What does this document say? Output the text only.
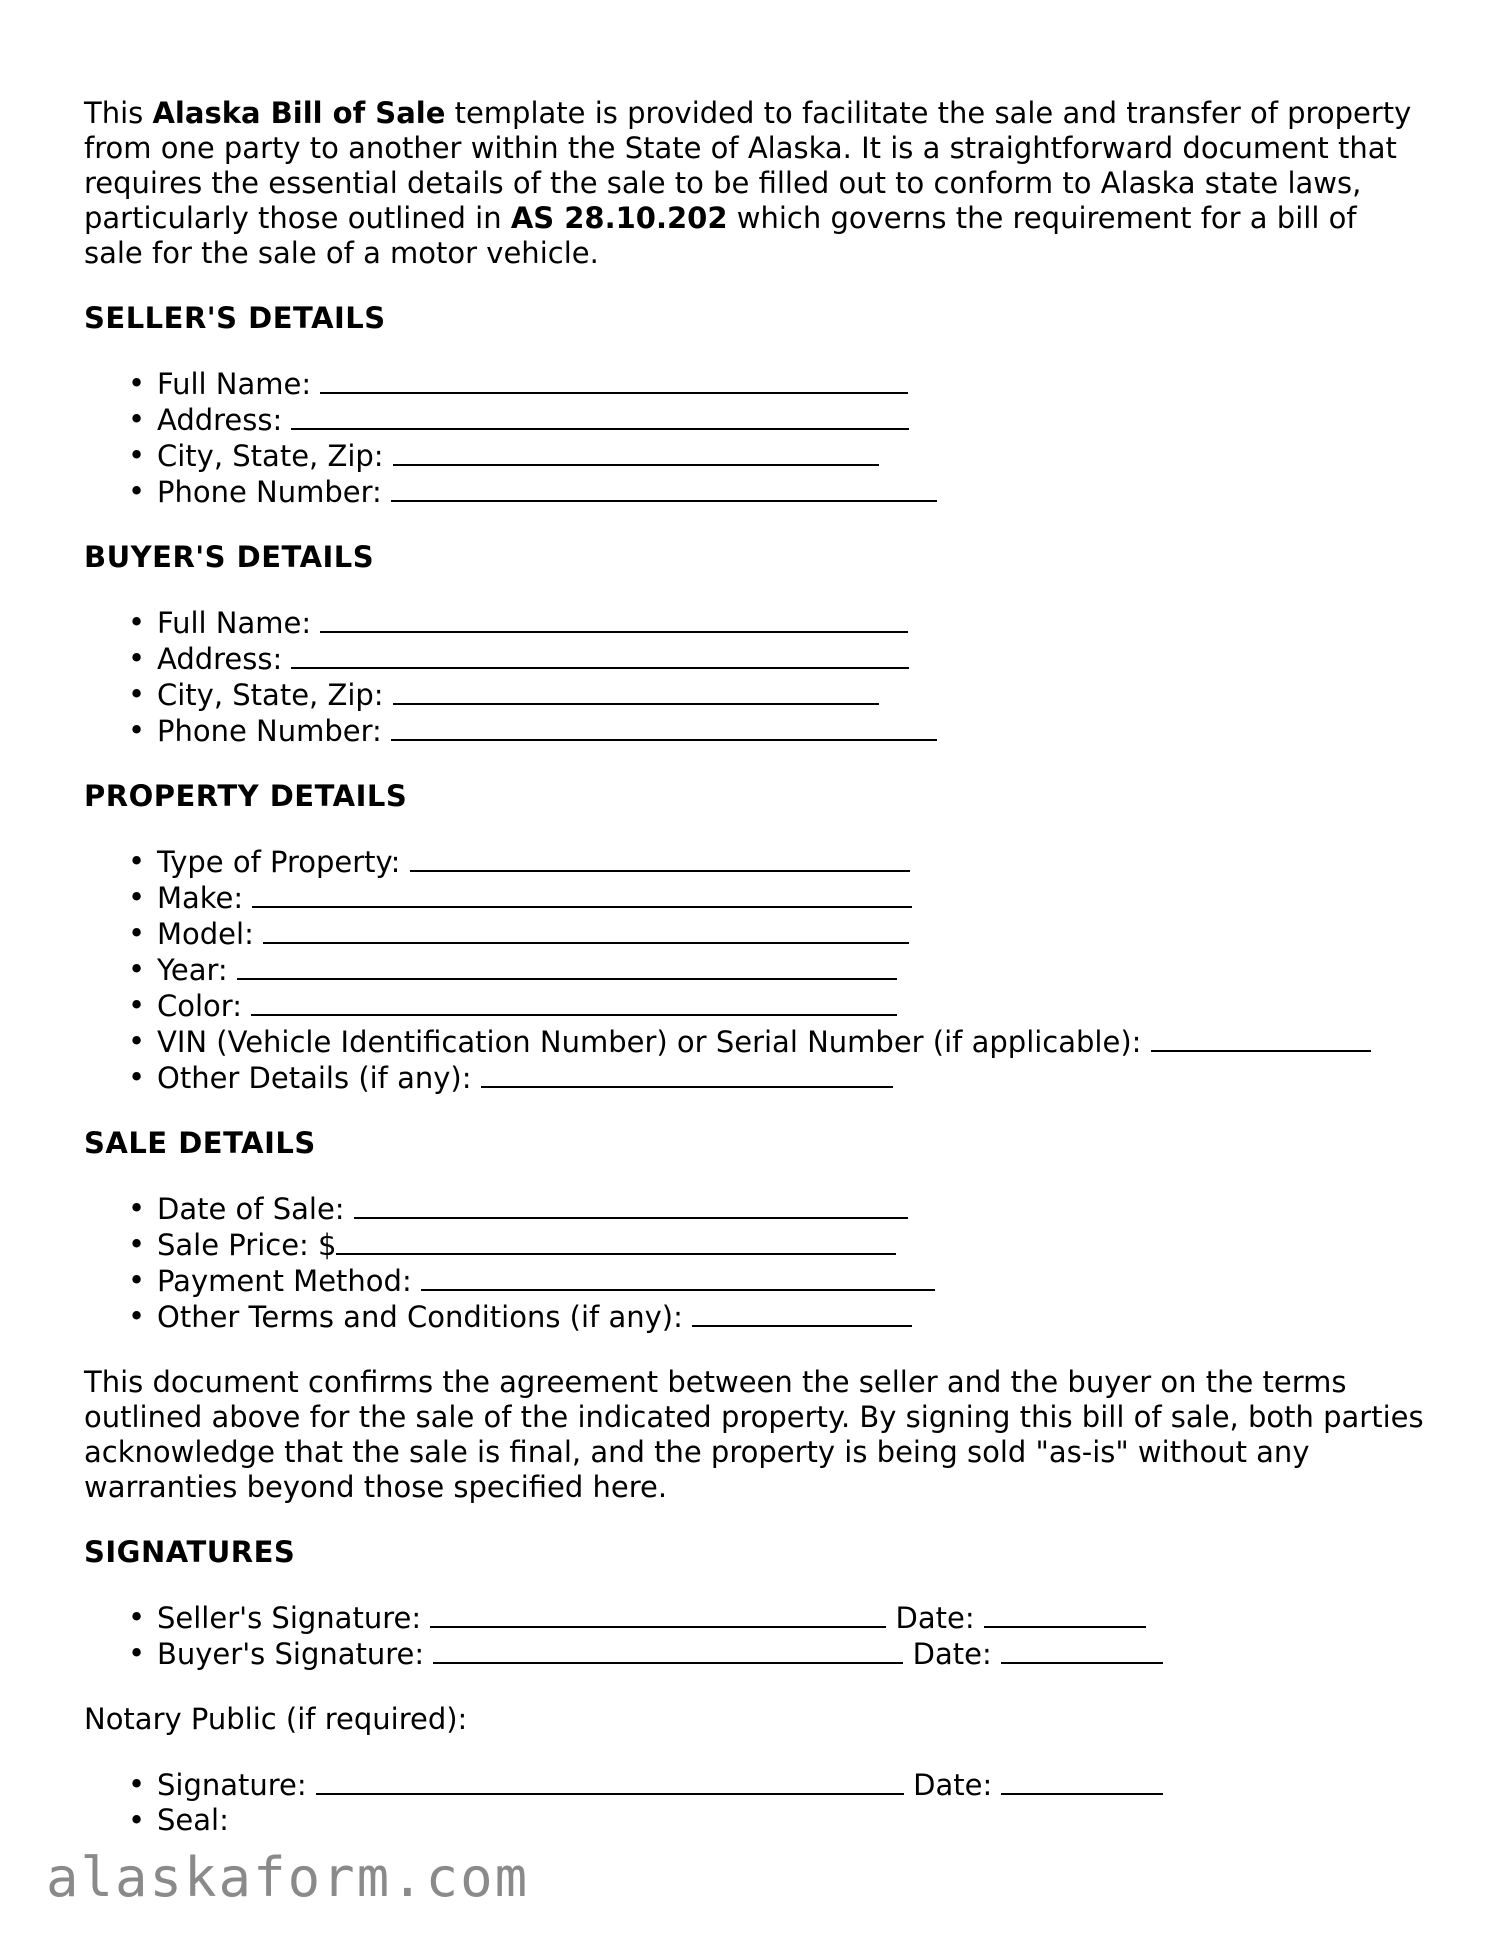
This Alaska Bill of Sale template is provided to facilitate the sale and transfer of property from one party to another within the State of Alaska. It is a straightforward document that requires the essential details of the sale to be filled out to conform to Alaska state laws, particularly those outlined in AS 28.10.202 which governs the requirement for a bill of sale for the sale of a motor vehicle.

SELLER'S DETAILS
• Full Name:
• Address:
• City, State, Zip:
• Phone Number:
BUYER'S DETAILS
• Full Name:
• Address:
• City, State, Zip:
• Phone Number:
PROPERTY DETAILS
• Type of Property:
• Make:
• Model:
• Year:
• Color:
• VIN (Vehicle Identification Number) or Serial Number (if applicable):
• Other Details (if any):
SALE DETAILS
• Date of Sale:
• Sale Price: $
• Payment Method:
• Other Terms and Conditions (if any):

This document confirms the agreement between the seller and the buyer on the terms outlined above for the sale of the indicated property. By signing this bill of sale, both parties acknowledge that the sale is final, and the property is being sold "as-is" without any warranties beyond those specified here.

SIGNATURES
• Seller's Signature:	Date:
• Buyer's Signature:	Date:

Notary Public (if required):

• Signature:	Date:
• Seal:
alaskaform.com
